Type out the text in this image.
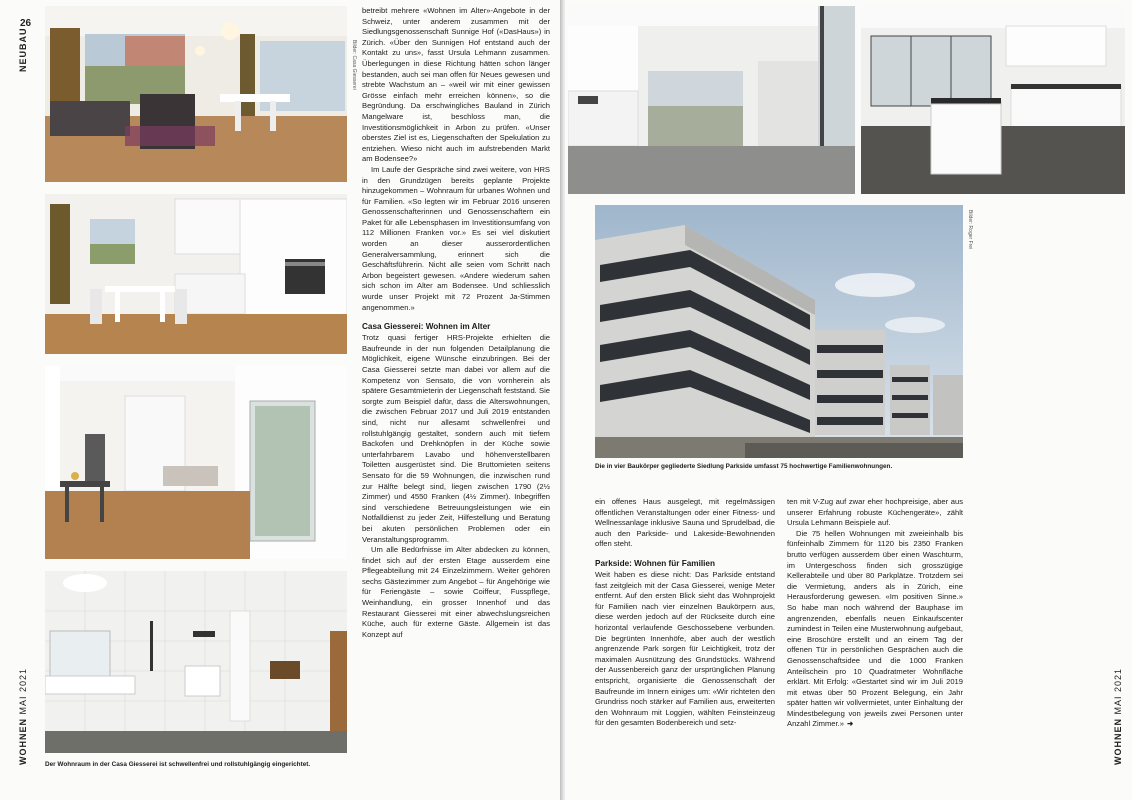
26
NEUBAU
WOHNEN MAI 2021
Bilder: Casa Giesserei
Der Wohnraum in der Casa Giesserei ist schwellenfrei und rollstuhlgängig eingerichtet.

betreibt mehrere «Wohnen im Alter»-Angebote in der Schweiz, unter anderem zusammen mit der Siedlungsgenossenschaft Sunnige Hof («DasHaus») in Zürich. «Über den Sunnigen Hof entstand auch der Kontakt zu uns», fasst Ursula Lehmann zusammen. Überlegungen in diese Richtung hätten schon länger bestanden, auch sei man offen für Neues gewesen und strebte Wachstum an – «weil wir mit einer gewissen Grösse einfach mehr erreichen können», so die Begründung. Da erschwingliches Bauland in Zürich Mangelware ist, beschloss man, die Investitionsmöglichkeit in Arbon zu prüfen. «Unser oberstes Ziel ist es, Liegenschaften der Spekulation zu entziehen. Wieso nicht auch im aufstrebenden Markt am Bodensee?»

Im Laufe der Gespräche sind zwei weitere, von HRS in den Grundzügen bereits geplante Projekte hinzugekommen – Wohnraum für urbanes Wohnen und für Familien. «So legten wir im Februar 2016 unseren Genossenschafterinnen und Genossenschaftern ein Paket für alle Lebensphasen im Investitionsumfang von 112 Millionen Franken vor.» Es sei viel diskutiert worden an dieser ausserordentlichen Generalversammlung, erinnert sich die Geschäftsführerin. Nicht alle seien vom Schritt nach Arbon begeistert gewesen. «Andere wiederum sahen sich schon im Alter am Bodensee. Und schliesslich wurde unser Projekt mit 72 Prozent Ja-Stimmen angenommen.»

Casa Giesserei: Wohnen im Alter

Trotz quasi fertiger HRS-Projekte erhielten die Baufreunde in der nun folgenden Detailplanung die Möglichkeit, eigene Wünsche einzubringen. Bei der Casa Giesserei setzte man dabei vor allem auf die Kompetenz von Sensato, die von vornherein als spätere Gesamtmieterin der Liegenschaft feststand. Sie sorgte zum Beispiel dafür, dass die Alterswohnungen, die zwischen Februar 2017 und Juli 2019 entstanden sind, nicht nur allesamt schwellenfrei und rollstuhlgängig gestaltet, sondern auch mit tiefem Backofen und Drehknöpfen in der Küche sowie unterfahrbarem Lavabo und höhenverstellbaren Toiletten ausgerüstet sind. Die Bruttomieten seitens Sensato für die 59 Wohnungen, die inzwischen rund zur Hälfte belegt sind, liegen zwischen 1790 (2½ Zimmer) und 4550 Franken (4½ Zimmer). Inbegriffen sind verschiedene Betreuungsleistungen wie ein Notfalldienst zu jeder Zeit, Hilfestellung und Beratung bei akuten persönlichen Problemen oder ein Veranstaltungsprogramm.

Um alle Bedürfnisse im Alter abdecken zu können, findet sich auf der ersten Etage ausserdem eine Pflegeabteilung mit 24 Einzelzimmern. Weiter gehören sechs Gästezimmer zum Angebot – für Angehörige wie für Feriengäste – sowie Coiffeur, Fusspflege, Weinhandlung, ein grosser Innenhof und das Restaurant Giesserei mit einer abwechslungsreichen Küche, auch für externe Gäste. Allgemein ist das Konzept auf

Bilder: Roger Frei
Die in vier Baukörper gegliederte Siedlung Parkside umfasst 75 hochwertige Familienwohnungen.

ein offenes Haus ausgelegt, mit regelmässigen öffentlichen Veranstaltungen oder einer Fitness- und Wellnessanlage inklusive Sauna und Sprudelbad, die auch den Parkside- und Lakeside-Bewohnenden offen steht.

Parkside: Wohnen für Familien

Weit haben es diese nicht: Das Parkside entstand fast zeitgleich mit der Casa Giesserei, wenige Meter entfernt. Auf den ersten Blick sieht das Wohnprojekt für Familien nach vier einzelnen Baukörpern aus, diese werden jedoch auf der Rückseite durch eine horizontal verlaufende Geschossebene verbunden. Die begrünten Innenhöfe, aber auch der westlich angrenzende Park sorgen für Leichtigkeit, trotz der maximalen Ausnützung des Grundstücks. Während der Aussenbereich ganz der ursprünglichen Planung entspricht, organisierte die Genossenschaft der Baufreunde im Innern einiges um: «Wir richteten den Grundriss noch stärker auf Familien aus, erweiterten den Wohnraum mit Loggien, wählten Feinsteinzeug für den gesamten Bodenbereich und setz-

ten mit V-Zug auf zwar eher hochpreisige, aber aus unserer Erfahrung robuste Küchengeräte», zählt Ursula Lehmann Beispiele auf.

Die 75 hellen Wohnungen mit zweieinhalb bis fünfeinhalb Zimmern für 1120 bis 2350 Franken brutto verfügen ausserdem über einen Waschturm, im Untergeschoss finden sich grosszügige Kellerabteile und über 80 Parkplätze. Trotzdem sei die Vermietung, anders als in Zürich, eine Herausforderung gewesen. «Im positiven Sinne.» So habe man noch während der Bauphase im angrenzenden, ebenfalls neuen Einkaufscenter zumindest in Teilen eine Musterwohnung aufgebaut, eine Broschüre erstellt und an einem Tag der offenen Tür in persönlichen Gesprächen auch die Genossenschaftsidee und die 1000 Franken Anteilschein pro 10 Quadratmeter Wohnfläche erklärt. Mit Erfolg: «Gestartet sind wir im Juli 2019 mit etwas über 50 Prozent Belegung, ein Jahr später hatten wir vollvermietet, unter Einhaltung der Mindestbelegung von jeweils zwei Personen unter Anzahl Zimmer.» ➜	WOHNEN MAI 2021
